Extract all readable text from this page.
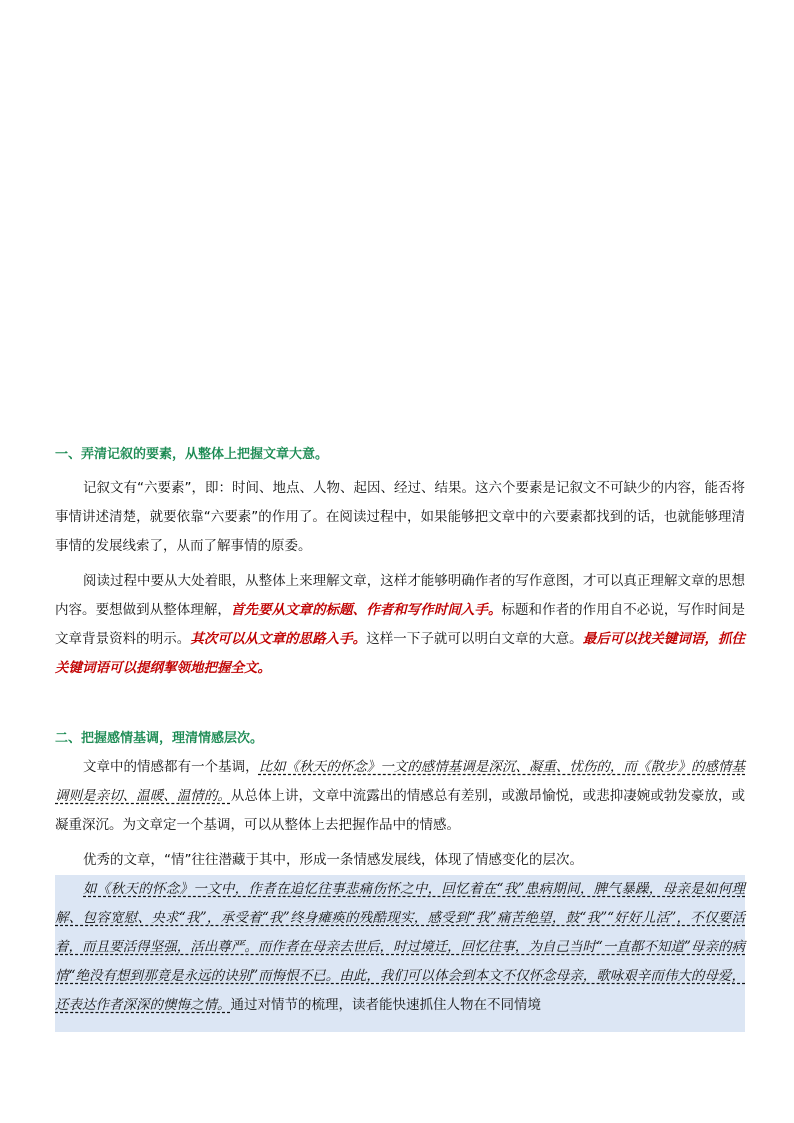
一、弄清记叙的要素，从整体上把握文章大意。
记叙文有“六要素”，即：时间、地点、人物、起因、经过、结果。这六个要素是记叙文不可缺少的内容，能否将事情讲述清楚，就要依靠“六要素”的作用了。在阅读过程中，如果能够把文章中的六要素都找到的话，也就能够理清事情的发展线索了，从而了解事情的原委。
阅读过程中要从大处着眼，从整体上来理解文章，这样才能够明确作者的写作意图，才可以真正理解文章的思想内容。要想做到从整体理解，首先要从文章的标题、作者和写作时间入手。标题和作者的作用自不必说，写作时间是文章背景资料的明示。其次可以从文章的思路入手。这样一下子就可以明白文章的大意。最后可以找关键词语，抓住关键词语可以提纲挈领地把握全文。
二、把握感情基调，理清情感层次。
文章中的情感都有一个基调，比如《秋天的怀念》一文的感情基调是深沉、凝重、忧伤的，而《散步》的感情基调则是亲切、温暖、温情的。从总体上讲，文章中流露出的情感总有差别，或激昂愉悦，或悲抑凄婉或勃发豪放，或凝重深沉。为文章定一个基调，可以从整体上去把握作品中的情感。
优秀的文章，“情”往往潜藏于其中，形成一条情感发展线，体现了情感变化的层次。
如《秋天的怀念》一文中，作者在追忆往事悲痛伤怀之中，回忆着在“我”患病期间，脾气暴躁，母亲是如何理解、包容宽慰、央求“我”，承受着“我”终身瘫痪的残酷现实，感受到“我”痛苦绝望，鼓“我”“好好儿活”，不仅要活着，而且要活得坚强，活出尊严。而作者在母亲去世后，时过境迁，回忆往事，为自己当时“一直都不知道”母亲的病情“绝没有想到那竟是永远的诀别”而悔恨不已。由此，我们可以体会到本文不仅怀念母亲，歌咏艰辛而伟大的母爱，还表达作者深深的懊悔之情。通过对情节的梳理，读者能快速抓住人物在不同情境
